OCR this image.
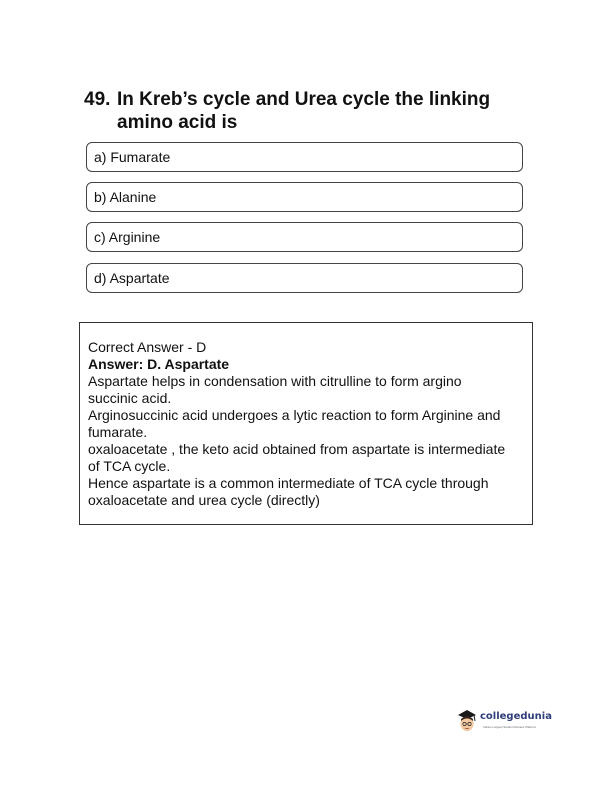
49. In Kreb’s cycle and Urea cycle the linking
amino acid is
a) Fumarate
b) Alanine
c) Arginine
d) Aspartate
Correct Answer - D
Answer: D. Aspartate
Aspartate helps in condensation with citrulline to form argino
succinic acid.
Arginosuccinic acid undergoes a lytic reaction to form Arginine and
fumarate.
oxaloacetate , the keto acid obtained from aspartate is intermediate
of TCA cycle.
Hence aspartate is a common intermediate of TCA cycle through
oxaloacetate and urea cycle (directly)
collegedunia
India's Largest Student Review Platform
